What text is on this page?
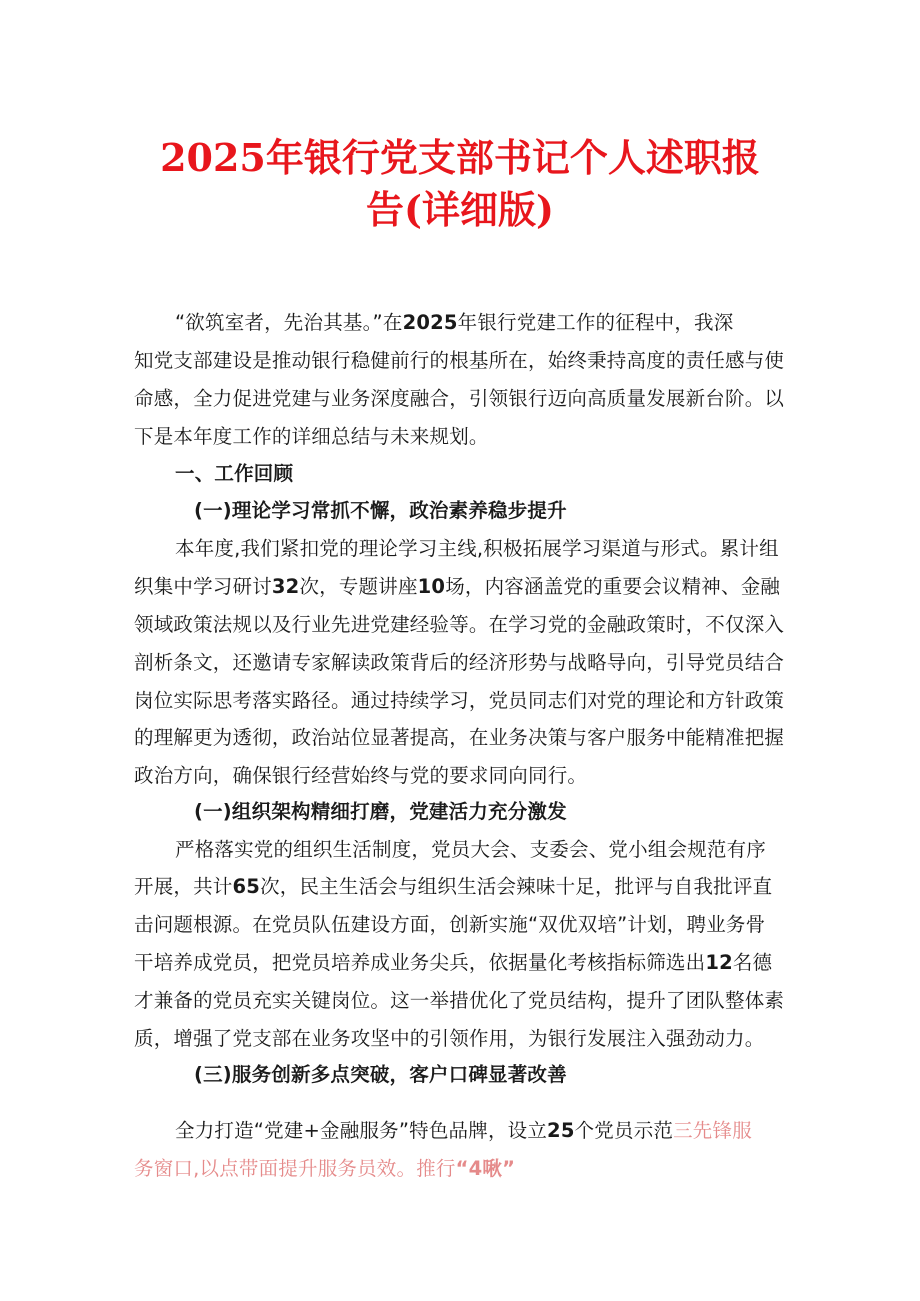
2025年银行党支部书记个人述职报
告(详细版)
“欲筑室者，先治其基。”在2025年银行党建工作的征程中，我深
知党支部建设是推动银行稳健前行的根基所在，始终秉持高度的责任感与使
命感，全力促进党建与业务深度融合，引领银行迈向高质量发展新台阶。以
下是本年度工作的详细总结与未来规划。
一、工作回顾
(一)理论学习常抓不懈，政治素养稳步提升
本年度,我们紧扣党的理论学习主线,积极拓展学习渠道与形式。累计组
织集中学习研讨32次，专题讲座10场，内容涵盖党的重要会议精神、金融
领域政策法规以及行业先进党建经验等。在学习党的金融政策时，不仅深入
剖析条文，还邀请专家解读政策背后的经济形势与战略导向，引导党员结合
岗位实际思考落实路径。通过持续学习，党员同志们对党的理论和方针政策
的理解更为透彻，政治站位显著提高，在业务决策与客户服务中能精准把握
政治方向，确保银行经营始终与党的要求同向同行。
(一)组织架构精细打磨，党建活力充分激发
严格落实党的组织生活制度，党员大会、支委会、党小组会规范有序
开展，共计65次，民主生活会与组织生活会辣味十足，批评与自我批评直
击问题根源。在党员队伍建设方面，创新实施“双优双培”计划，聘业务骨
干培养成党员，把党员培养成业务尖兵，依据量化考核指标筛选出12名德
才兼备的党员充实关键岗位。这一举措优化了党员结构，提升了团队整体素
质，增强了党支部在业务攻坚中的引领作用，为银行发展注入强劲动力。
(三)服务创新多点突破，客户口碑显著改善
全力打造“党建+金融服务”特色品牌，设立25个党员示范三先锋服
务窗口,以点带面提升服务员效。推行“4啾”
